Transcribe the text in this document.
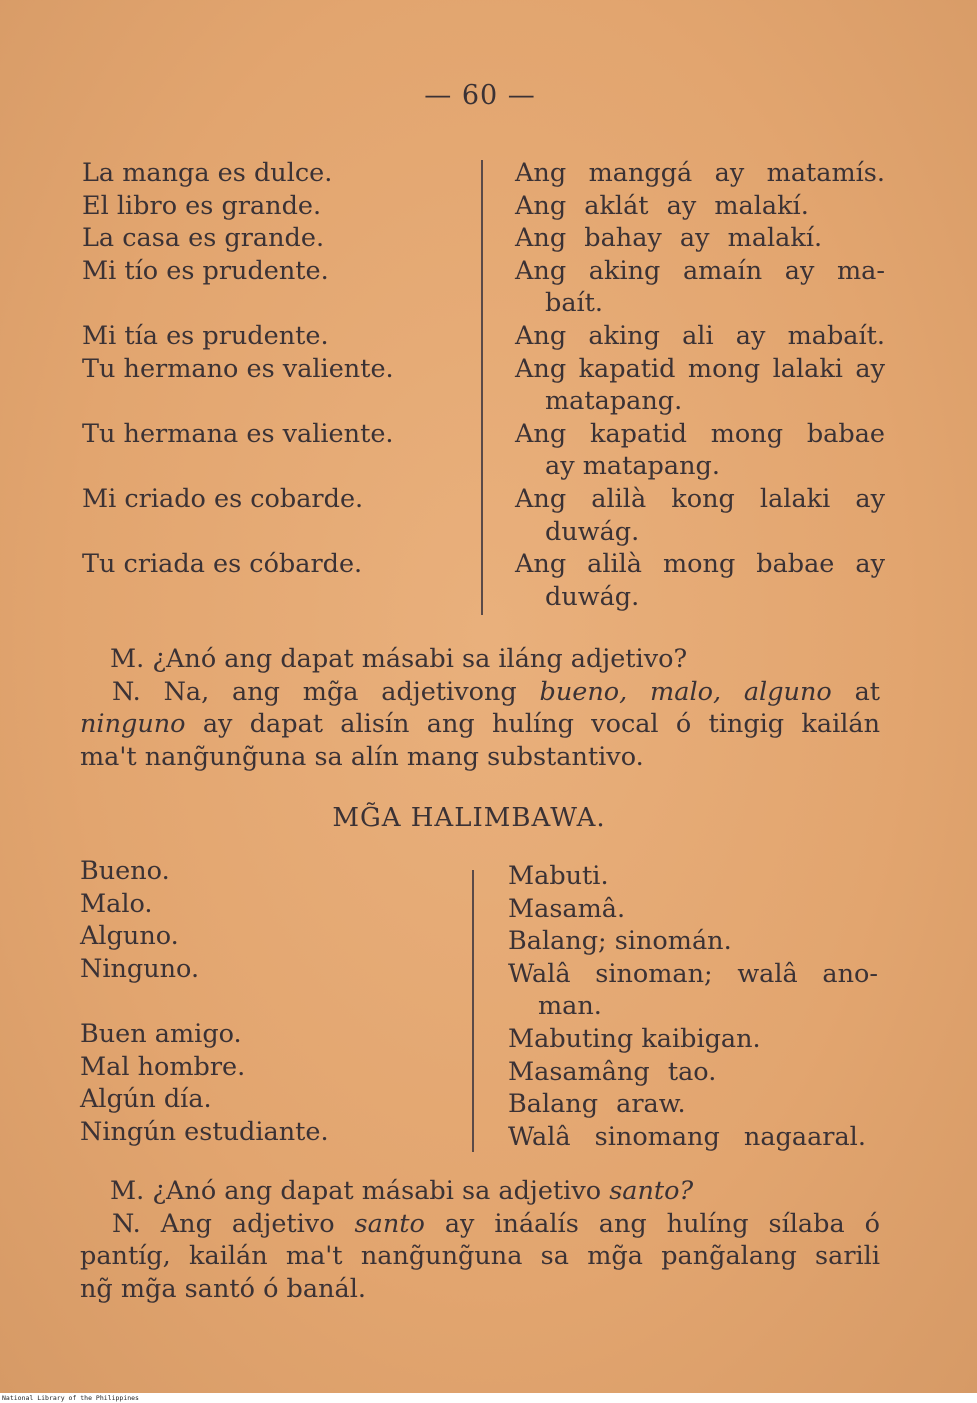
— 60 —
La manga es dulce.
El libro es grande.
La casa es grande.
Mi tío es prudente.
Mi tía es prudente.
Tu hermano es valiente.
Tu hermana es valiente.
Mi criado es cobarde.
Tu criada es cóbarde.
Ang manggá ay matamís.
Ang aklát ay malakí.
Ang bahay ay malakí.
Ang aking amaín ay ma-
baít.
Ang aking ali ay mabaít.
Ang kapatid mong lalaki ay
matapang.
Ang kapatid mong babae
ay matapang.
Ang alilà kong lalaki ay
duwág.
Ang alilà mong babae ay
duwág.
M. ¿Anó ang dapat másabi sa iláng adjetivo?
N. Na, ang mg̃a adjetivong bueno, malo, alguno at
ninguno ay dapat alisín ang hulíng vocal ó tingig kailán
ma't nang̃ung̃una sa alín mang substantivo.
MG̃A HALIMBAWA.
Bueno.
Malo.
Alguno.
Ninguno.
Buen amigo.
Mal hombre.
Algún día.
Ningún estudiante.
Mabuti.
Masamâ.
Balang; sinomán.
Walâ sinoman; walâ ano-
man.
Mabuting kaibigan.
Masamâng tao.
Balang araw.
Walâ sinomang nagaaral.
M. ¿Anó ang dapat másabi sa adjetivo santo?
N. Ang adjetivo santo ay ináalís ang hulíng sílaba ó
pantíg, kailán ma't nang̃ung̃una sa mg̃a pang̃alang sarili
ng̃ mg̃a santó ó banál.
National Library of the Philippines
